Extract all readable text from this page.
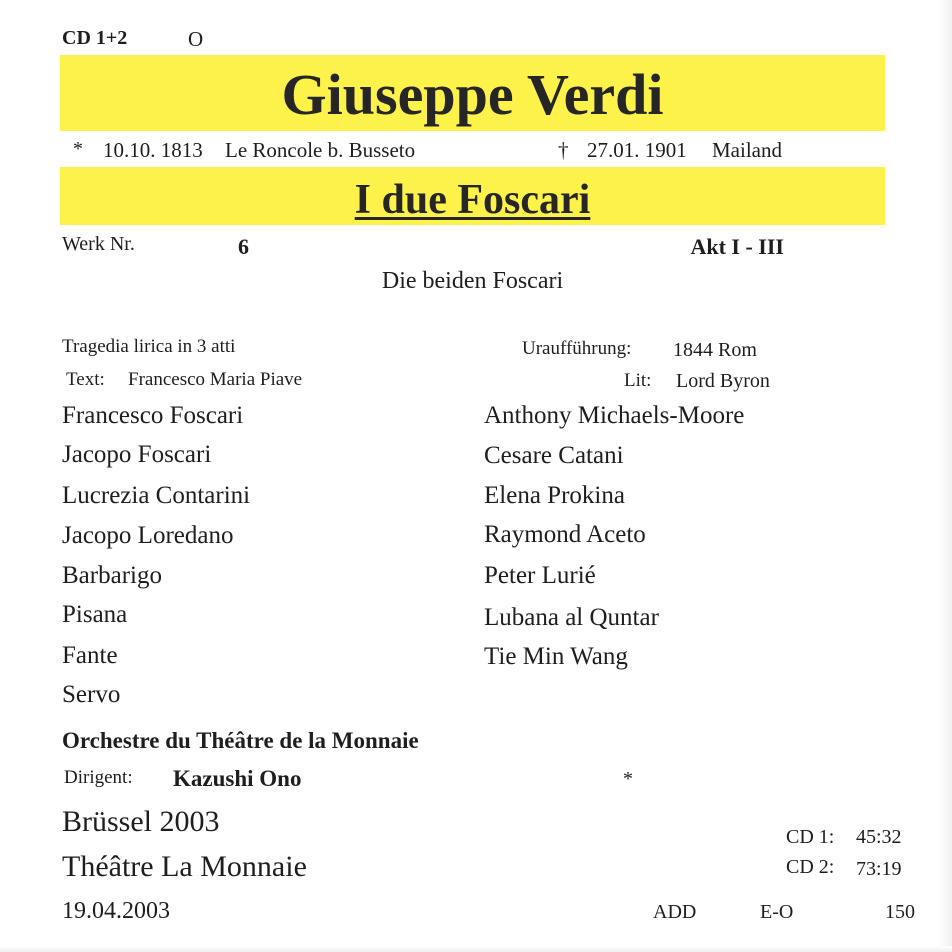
CD 1+2	O
Giuseppe Verdi
* 10.10. 1813 Le Roncole b. Busseto	† 27.01. 1901 Mailand
I due Foscari
Werk Nr.	6	Akt I - III
Die beiden Foscari
Tragedia lirica in 3 atti	Uraufführung: 1844 Rom
Text: Francesco Maria Piave	Lit: Lord Byron
Francesco Foscari	Anthony Michaels-Moore
Jacopo Foscari	Cesare Catani
Lucrezia Contarini	Elena Prokina
Jacopo Loredano	Raymond Aceto
Barbarigo	Peter Lurié
Pisana	Lubana al Quntar
Fante	Tie Min Wang
Servo
Orchestre du Théâtre de la Monnaie
Dirigent: Kazushi Ono	*
Brüssel 2003
Théâtre La Monnaie
19.04.2003
CD 1: 45:32
CD 2: 73:19
ADD	E-O	150
